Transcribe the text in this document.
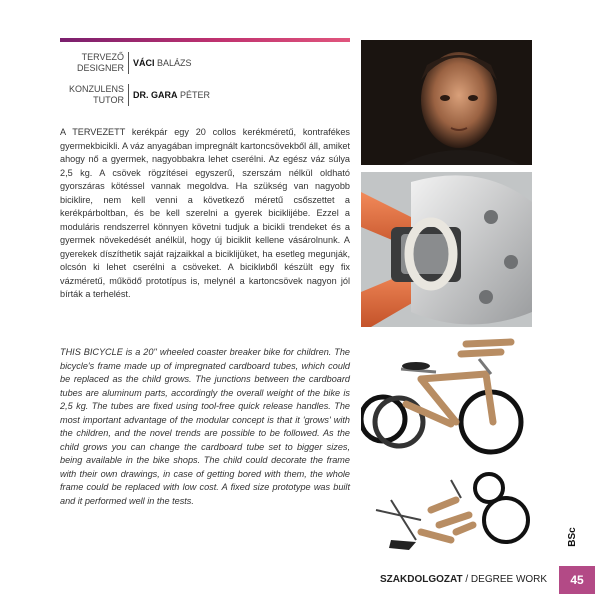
TERVEZŐ
DESIGNER VÁCI BALÁZS
KONZULENS
TUTOR DR. GARA PÉTER

A TERVEZETT kerékpár egy 20 collos kerékméretű, kontrafékes gyermekbicikli. A váz anyagában impregnált kartoncsövekből áll, amiket ahogy nő a gyermek, nagyobbakra lehet cserélni. Az egész váz súlya 2,5 kg. A csövek rögzítései egyszerű, szerszám nélkül oldható gyorszáras kötéssel vannak megoldva. Ha szükség van nagyobb biciklire, nem kell venni a következő méretű csőszettet a kerékpárboltban, és be kell szerelni a gyerek biciklijébe. Ezzel a moduláris rendszerrel könnyen követni tudjuk a bicikli trendeket és a gyermek növekedését anélkül, hogy új biciklit kellene vásárolnunk. A gyerekek díszíthetik saját rajzaikkal a biciklijüket, ha esetleg megunják, olcsón ki lehet cserélni a csöveket. A biciklиből készült egy fix vázméretű, működő prototípus is, melynél a kartoncsövek nagyon jól bírták a terhelést.

THIS BICYCLE is a 20'' wheeled coaster breaker bike for children. The bicycle's frame made up of impregnated cardboard tubes, which could be replaced as the child grows. The junctions between the cardboard tubes are aluminum parts, accordingly the overall weight of the bike is 2,5 kg. The tubes are fixed using tool-free quick release handles. The most important advantage of the modular concept is that it 'grows' with the children, and the novel trends are possible to be followed. As the child grows you can change the cardboard tube set to bigger sizes, being available in the bike shops. The child could decorate the frame with their own drawings, in case of getting bored with them, the whole frame could be replaced with low cost. A fixed size prototype was built and it performed well in the tests.

BSc
SZAKDOLGOZAT / DEGREE WORK 45
